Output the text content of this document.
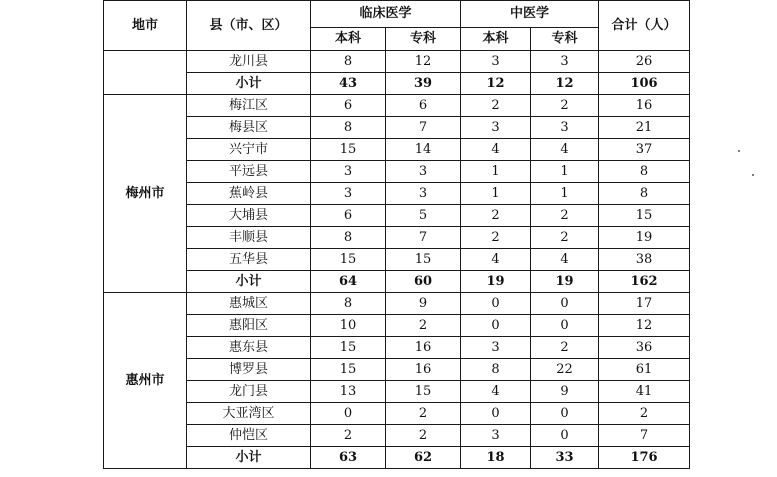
地市	县（市、区）	临床医学		中医学		合计（人）
		本科	专科	本科	专科	
	龙川县	8	12	3	3	26
	小计	43	39	12	12	106
梅州市	梅江区	6	6	2	2	16
	梅县区	8	7	3	3	21
	兴宁市	15	14	4	4	37
	平远县	3	3	1	1	8
	蕉岭县	3	3	1	1	8
	大埔县	6	5	2	2	15
	丰顺县	8	7	2	2	19
	五华县	15	15	4	4	38
	小计	64	60	19	19	162
惠州市	惠城区	8	9	0	0	17
	惠阳区	10	2	0	0	12
	惠东县	15	16	3	2	36
	博罗县	15	16	8	22	61
	龙门县	13	15	4	9	41
	大亚湾区	0	2	0	0	2
	仲恺区	2	2	3	0	7
	小计	63	62	18	33	176
